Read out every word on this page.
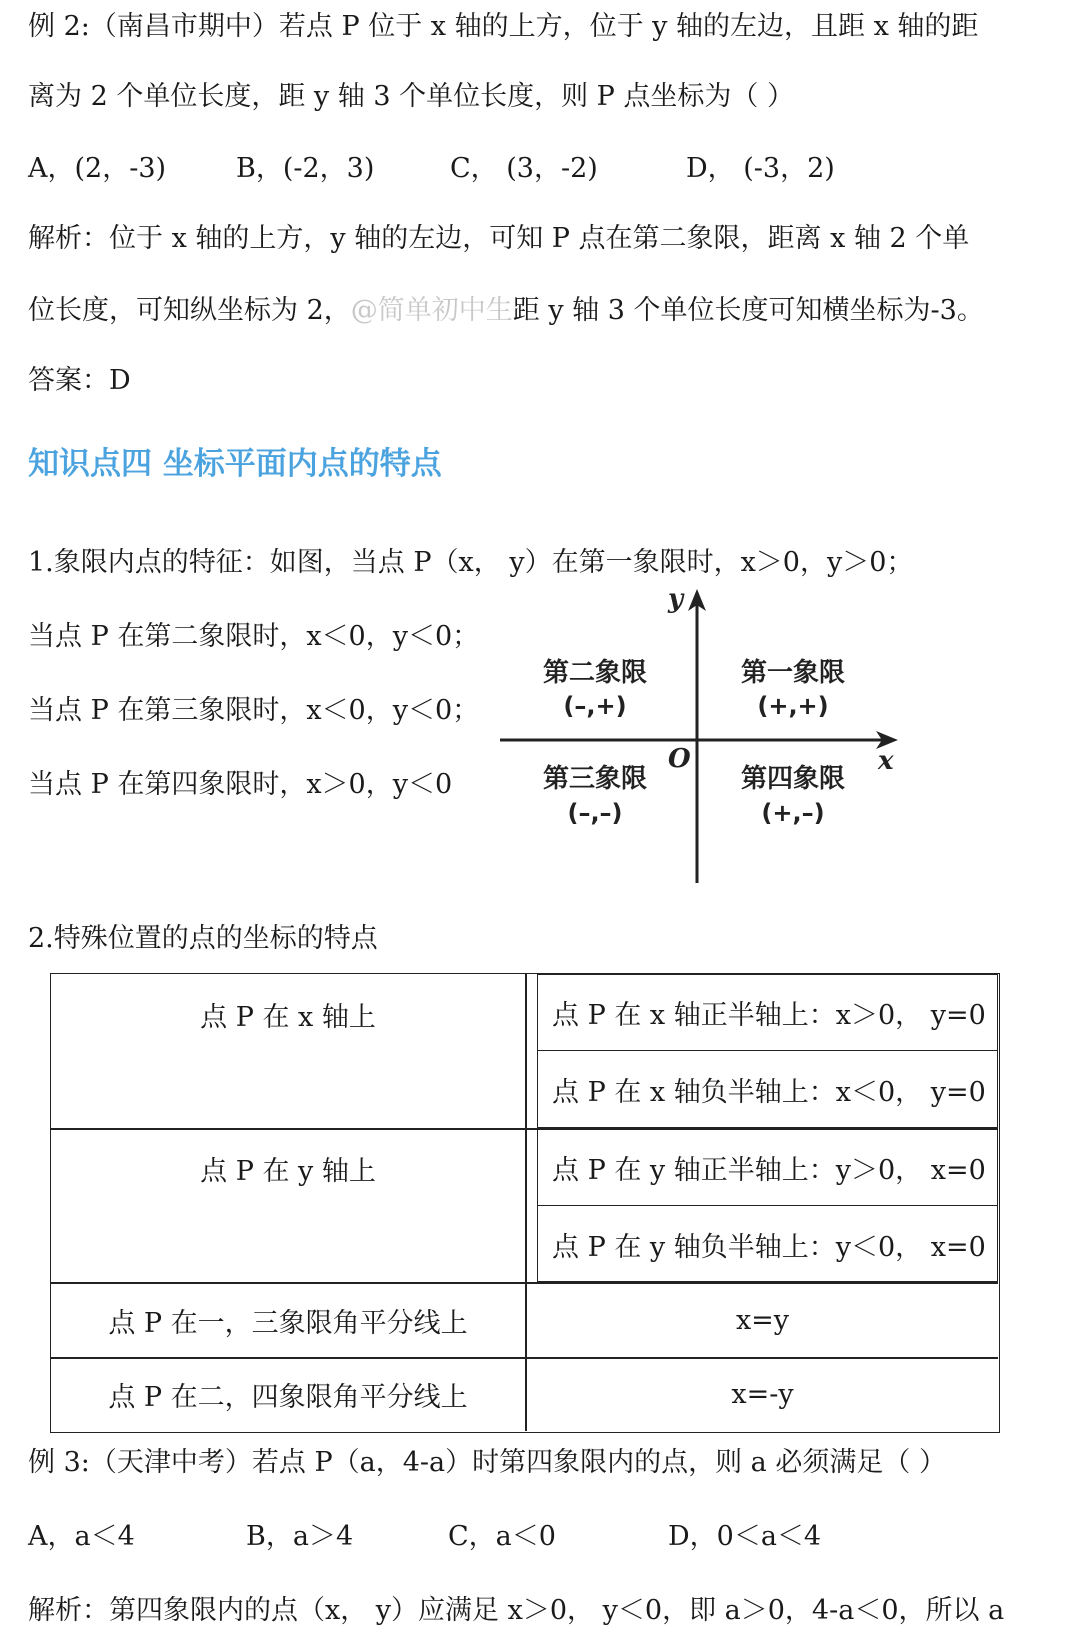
例 2:（南昌市期中）若点 P 位于 x 轴的上方，位于 y 轴的左边，且距 x 轴的距
离为 2 个单位长度，距 y 轴 3 个单位长度，则 P 点坐标为（ ）
A，(2，-3)	B，(-2，3)	C， (3，-2)	D， (-3，2)
解析：位于 x 轴的上方，y 轴的左边，可知 P 点在第二象限，距离 x 轴 2 个单
位长度，可知纵坐标为 2，@简单初中生距 y 轴 3 个单位长度可知横坐标为-3。
答案：D
知识点四 坐标平面内点的特点
1.象限内点的特征：如图，当点 P（x， y）在第一象限时，x＞0，y＞0；
当点 P 在第二象限时，x＜0，y＜0；
当点 P 在第三象限时，x＜0，y＜0；
当点 P 在第四象限时，x＞0，y＜0
y
x
O
第二象限
(–,+)
第一象限
(+,+)
第三象限
(–,–)
第四象限
(+,–)
2.特殊位置的点的坐标的特点
点 P 在 x 轴上	点 P 在 x 轴正半轴上：x＞0， y=0
点 P 在 x 轴负半轴上：x＜0， y=0
点 P 在 y 轴上	点 P 在 y 轴正半轴上：y＞0， x=0
点 P 在 y 轴负半轴上：y＜0， x=0
点 P 在一，三象限角平分线上	x=y
点 P 在二，四象限角平分线上	x=-y
例 3:（天津中考）若点 P（a，4-a）时第四象限内的点，则 a 必须满足（ ）
A，a＜4	B，a＞4	C，a＜0	D，0＜a＜4
解析：第四象限内的点（x， y）应满足 x＞0， y＜0，即 a＞0，4-a＜0，所以 a
